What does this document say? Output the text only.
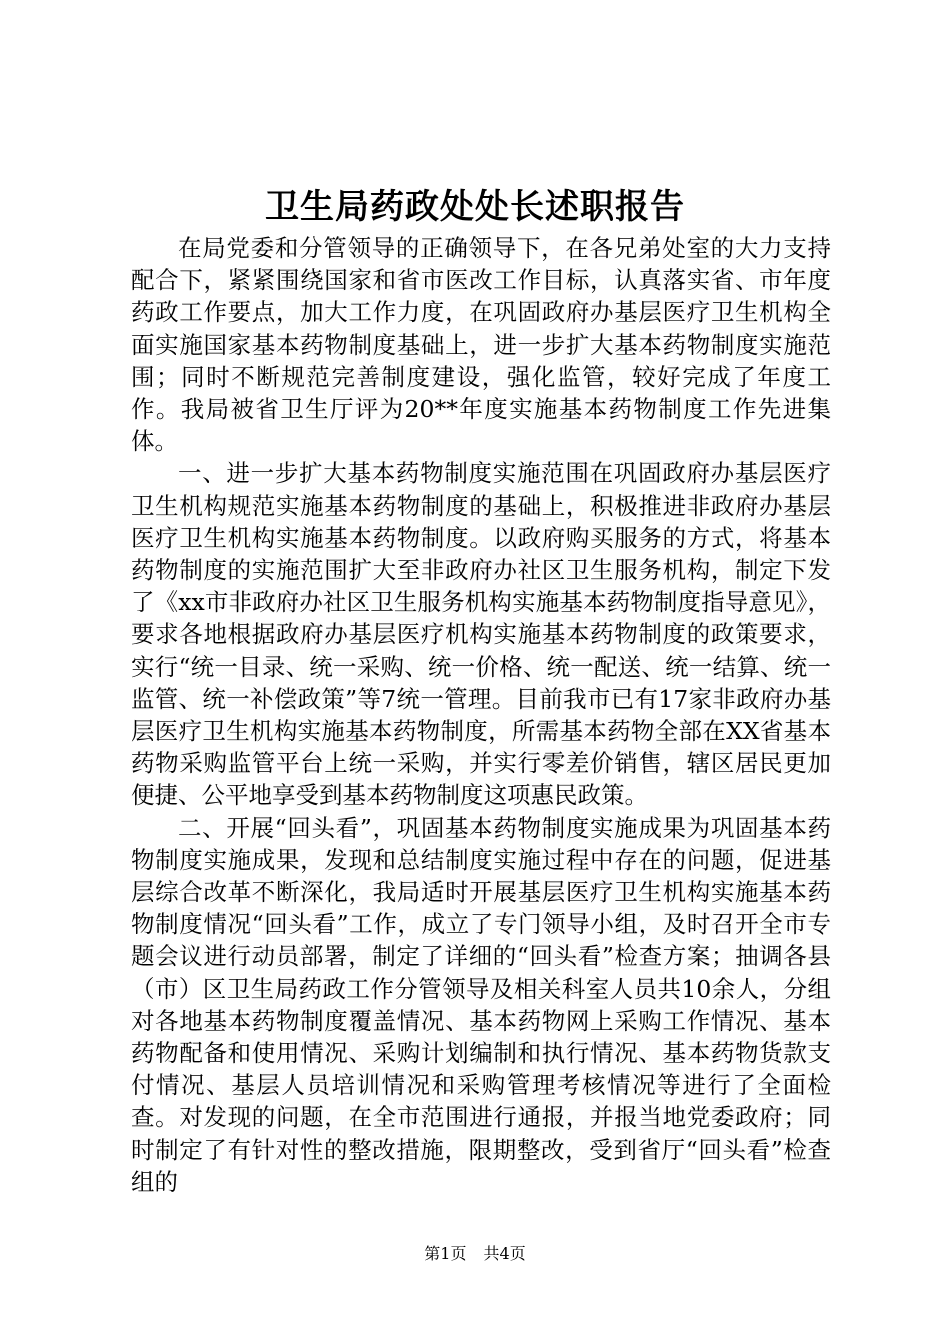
卫生局药政处处长述职报告

在局党委和分管领导的正确领导下，在各兄弟处室的大力支持配合下，紧紧围绕国家和省市医改工作目标，认真落实省、市年度药政工作要点，加大工作力度，在巩固政府办基层医疗卫生机构全面实施国家基本药物制度基础上，进一步扩大基本药物制度实施范围；同时不断规范完善制度建设，强化监管，较好完成了年度工作。我局被省卫生厅评为20**年度实施基本药物制度工作先进集体。

一、进一步扩大基本药物制度实施范围在巩固政府办基层医疗卫生机构规范实施基本药物制度的基础上，积极推进非政府办基层医疗卫生机构实施基本药物制度。以政府购买服务的方式，将基本药物制度的实施范围扩大至非政府办社区卫生服务机构，制定下发了《xx市非政府办社区卫生服务机构实施基本药物制度指导意见》，要求各地根据政府办基层医疗机构实施基本药物制度的政策要求，实行“统一目录、统一采购、统一价格、统一配送、统一结算、统一监管、统一补偿政策”等7统一管理。目前我市已有17家非政府办基层医疗卫生机构实施基本药物制度，所需基本药物全部在XX省基本药物采购监管平台上统一采购，并实行零差价销售，辖区居民更加便捷、公平地享受到基本药物制度这项惠民政策。

二、开展“回头看”，巩固基本药物制度实施成果为巩固基本药物制度实施成果，发现和总结制度实施过程中存在的问题，促进基层综合改革不断深化，我局适时开展基层医疗卫生机构实施基本药物制度情况“回头看”工作，成立了专门领导小组，及时召开全市专题会议进行动员部署，制定了详细的“回头看”检查方案；抽调各县（市）区卫生局药政工作分管领导及相关科室人员共10余人，分组对各地基本药物制度覆盖情况、基本药物网上采购工作情况、基本药物配备和使用情况、采购计划编制和执行情况、基本药物货款支付情况、基层人员培训情况和采购管理考核情况等进行了全面检查。对发现的问题，在全市范围进行通报，并报当地党委政府；同时制定了有针对性的整改措施，限期整改，受到省厅“回头看”检查组的

第1页 共4页
